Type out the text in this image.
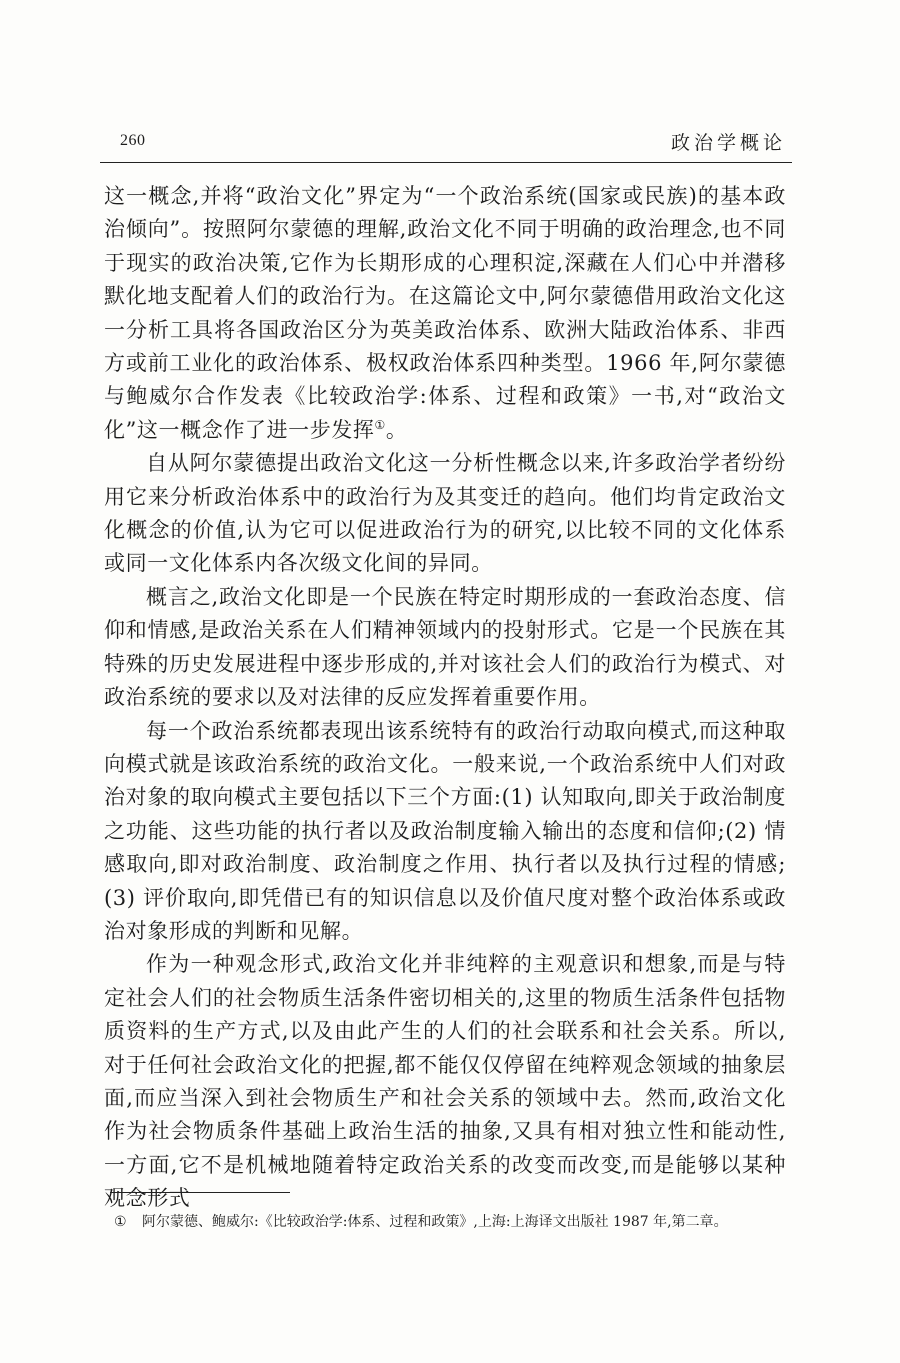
260	政治学概论

这一概念,并将“政治文化”界定为“一个政治系统(国家或民族)的基本政治倾向”。按照阿尔蒙德的理解,政治文化不同于明确的政治理念,也不同于现实的政治决策,它作为长期形成的心理积淀,深藏在人们心中并潜移默化地支配着人们的政治行为。在这篇论文中,阿尔蒙德借用政治文化这一分析工具将各国政治区分为英美政治体系、欧洲大陆政治体系、非西方或前工业化的政治体系、极权政治体系四种类型。1966 年,阿尔蒙德与鲍威尔合作发表《比较政治学:体系、过程和政策》一书,对“政治文化”这一概念作了进一步发挥①。

自从阿尔蒙德提出政治文化这一分析性概念以来,许多政治学者纷纷用它来分析政治体系中的政治行为及其变迁的趋向。他们均肯定政治文化概念的价值,认为它可以促进政治行为的研究,以比较不同的文化体系或同一文化体系内各次级文化间的异同。

概言之,政治文化即是一个民族在特定时期形成的一套政治态度、信仰和情感,是政治关系在人们精神领域内的投射形式。它是一个民族在其特殊的历史发展进程中逐步形成的,并对该社会人们的政治行为模式、对政治系统的要求以及对法律的反应发挥着重要作用。

每一个政治系统都表现出该系统特有的政治行动取向模式,而这种取向模式就是该政治系统的政治文化。一般来说,一个政治系统中人们对政治对象的取向模式主要包括以下三个方面:(1) 认知取向,即关于政治制度之功能、这些功能的执行者以及政治制度输入输出的态度和信仰;(2) 情感取向,即对政治制度、政治制度之作用、执行者以及执行过程的情感;(3) 评价取向,即凭借已有的知识信息以及价值尺度对整个政治体系或政治对象形成的判断和见解。

作为一种观念形式,政治文化并非纯粹的主观意识和想象,而是与特定社会人们的社会物质生活条件密切相关的,这里的物质生活条件包括物质资料的生产方式,以及由此产生的人们的社会联系和社会关系。所以,对于任何社会政治文化的把握,都不能仅仅停留在纯粹观念领域的抽象层面,而应当深入到社会物质生产和社会关系的领域中去。然而,政治文化作为社会物质条件基础上政治生活的抽象,又具有相对独立性和能动性,一方面,它不是机械地随着特定政治关系的改变而改变,而是能够以某种观念形式

① 阿尔蒙德、鲍威尔:《比较政治学:体系、过程和政策》,上海:上海译文出版社 1987 年,第二章。
